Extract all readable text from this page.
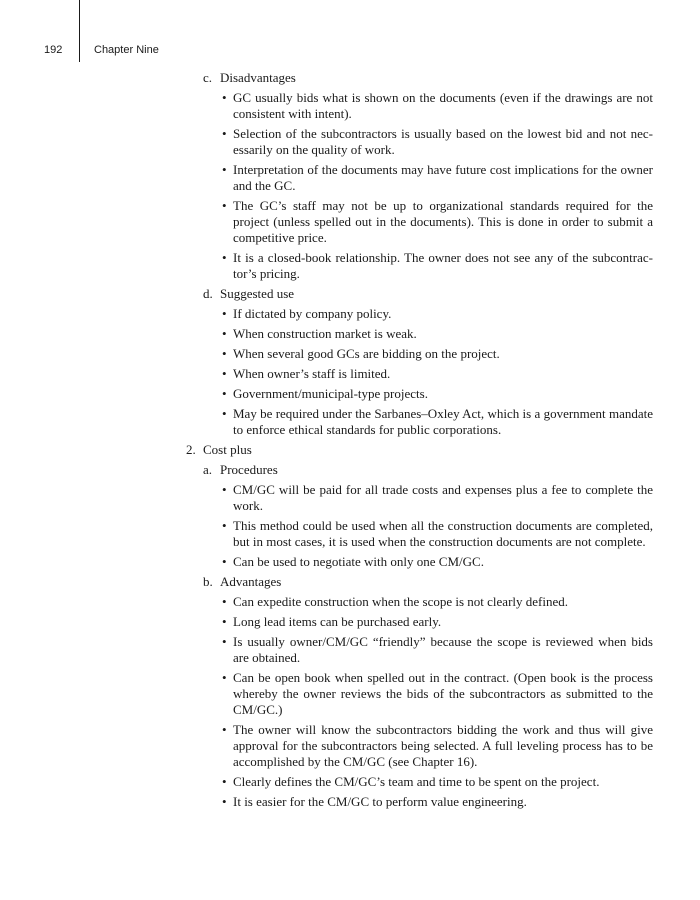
192	Chapter Nine

c. Disadvantages

• GC usually bids what is shown on the documents (even if the drawings are not consistent with intent).

• Selection of the subcontractors is usually based on the lowest bid and not necessarily on the quality of work.

• Interpretation of the documents may have future cost implications for the owner and the GC.

• The GC’s staff may not be up to organizational standards required for the project (unless spelled out in the documents). This is done in order to submit a competitive price.

• It is a closed-book relationship. The owner does not see any of the subcontractor’s pricing.

d. Suggested use

• If dictated by company policy.

• When construction market is weak.

• When several good GCs are bidding on the project.

• When owner’s staff is limited.

• Government/municipal-type projects.

• May be required under the Sarbanes–Oxley Act, which is a government mandate to enforce ethical standards for public corporations.

2. Cost plus

a. Procedures

• CM/GC will be paid for all trade costs and expenses plus a fee to complete the work.

• This method could be used when all the construction documents are completed, but in most cases, it is used when the construction documents are not complete.

• Can be used to negotiate with only one CM/GC.

b. Advantages

• Can expedite construction when the scope is not clearly defined.

• Long lead items can be purchased early.

• Is usually owner/CM/GC “friendly” because the scope is reviewed when bids are obtained.

• Can be open book when spelled out in the contract. (Open book is the process whereby the owner reviews the bids of the subcontractors as submitted to the CM/GC.)

• The owner will know the subcontractors bidding the work and thus will give approval for the subcontractors being selected. A full leveling process has to be accomplished by the CM/GC (see Chapter 16).

• Clearly defines the CM/GC’s team and time to be spent on the project.

• It is easier for the CM/GC to perform value engineering.
